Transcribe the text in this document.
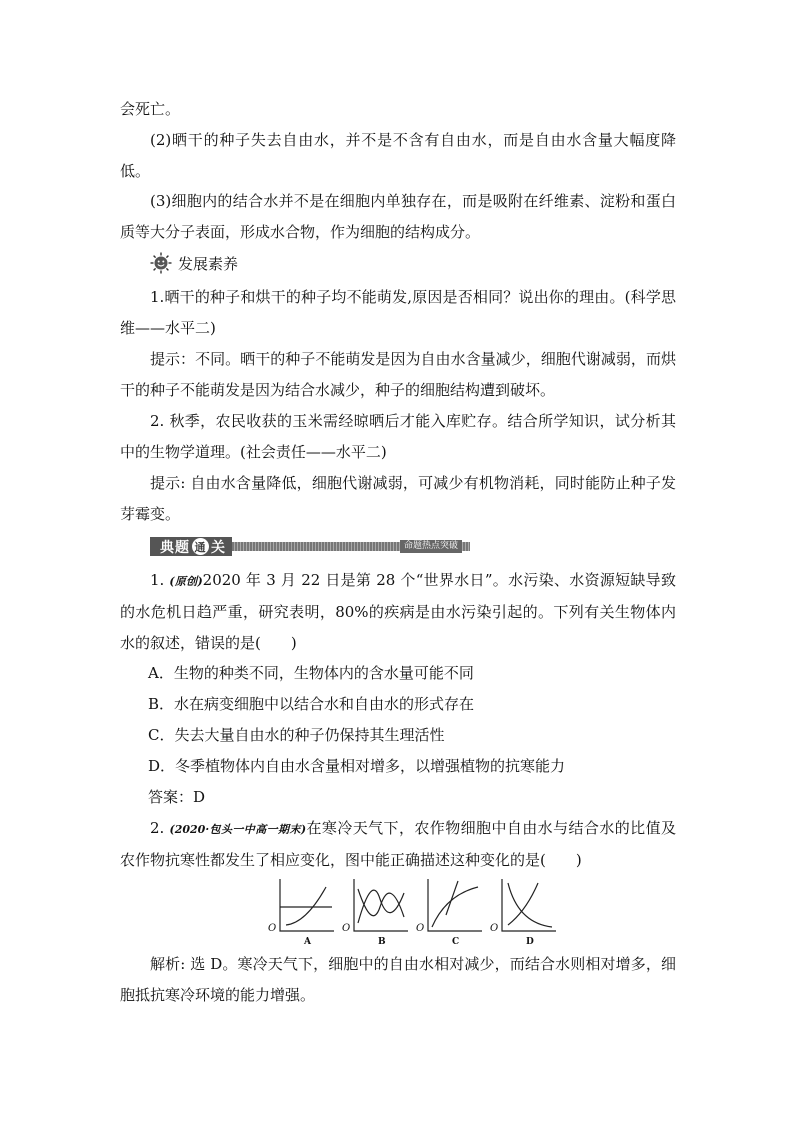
会死亡。

(2)晒干的种子失去自由水，并不是不含有自由水，而是自由水含量大幅度降低。

(3)细胞内的结合水并不是在细胞内单独存在，而是吸附在纤维素、淀粉和蛋白质等大分子表面，形成水合物，作为细胞的结构成分。

发展素养

1.晒干的种子和烘干的种子均不能萌发,原因是否相同？说出你的理由。(科学思维——水平二)

提示：不同。晒干的种子不能萌发是因为自由水含量减少，细胞代谢减弱，而烘干的种子不能萌发是因为结合水减少，种子的细胞结构遭到破坏。

2. 秋季，农民收获的玉米需经晾晒后才能入库贮存。结合所学知识，试分析其中的生物学道理。(社会责任——水平二)

提示: 自由水含量降低，细胞代谢减弱，可减少有机物消耗，同时能防止种子发芽霉变。

典题 通 关	命题热点突破

1. (原创)2020 年 3 月 22 日是第 28 个“世界水日”。水污染、水资源短缺导致的水危机日趋严重，研究表明，80%的疾病是由水污染引起的。下列有关生物体内水的叙述，错误的是(　　)

A．生物的种类不同，生物体内的含水量可能不同

B．水在病变细胞中以结合水和自由水的形式存在

C．失去大量自由水的种子仍保持其生理活性

D．冬季植物体内自由水含量相对增多，以增强植物的抗寒能力

答案：D

2. (2020·包头一中高一期末)在寒冷天气下，农作物细胞中自由水与结合水的比值及农作物抗寒性都发生了相应变化，图中能正确描述这种变化的是(　　)

O
A
O
B
O
C
O
D

解析: 选 D。寒冷天气下，细胞中的自由水相对减少，而结合水则相对增多，细胞抵抗寒冷环境的能力增强。
